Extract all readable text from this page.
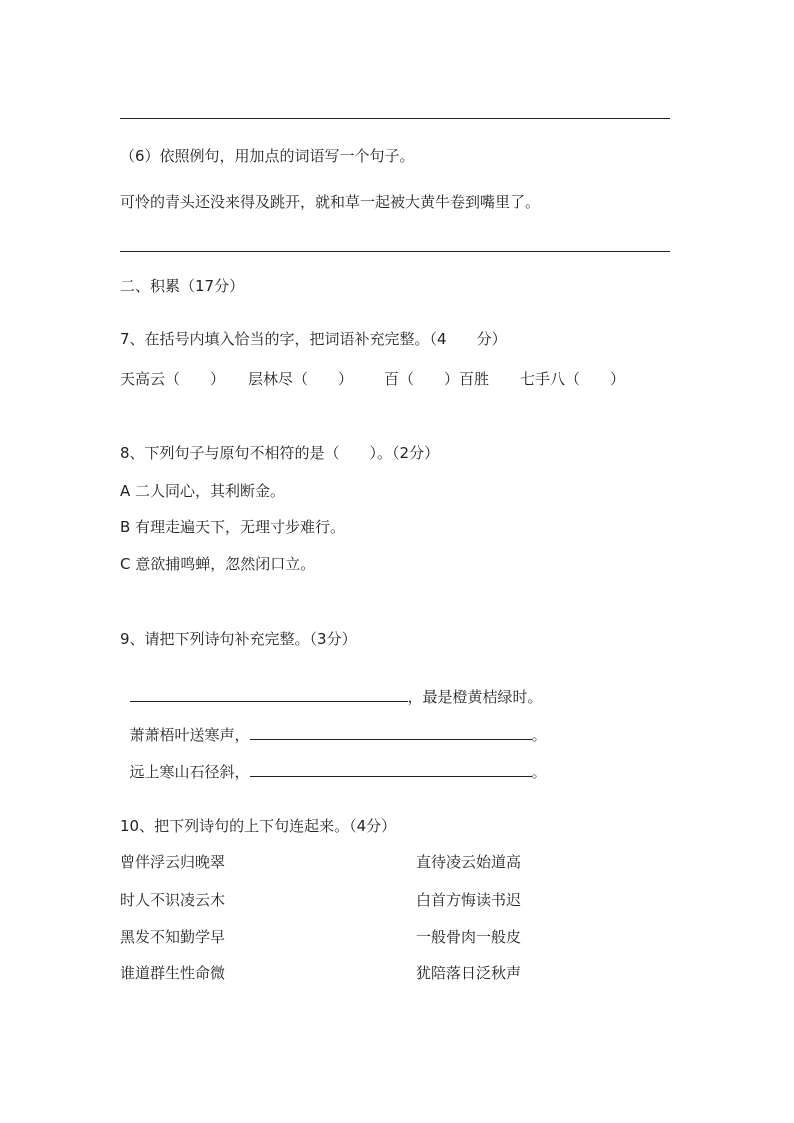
（6）依照例句，用加点的词语写一个句子。
可怜的青头还没来得及跳开，就和草一起被大黄牛卷到嘴里了。
二、积累（17分）
7、在括号内填入恰当的字，把词语补充完整。（4　　分）
天高云（　　） 层林尽（　　） 百（　　）百胜 七手八（　　）
8、下列句子与原句不相符的是（　　）。（2分）
A 二人同心，其利断金。
B 有理走遍天下，无理寸步难行。
C 意欲捕鸣蝉，忽然闭口立。
9、请把下列诗句补充完整。（3分）

，最是橙黄桔绿时。

萧萧梧叶送寒声，	。

远上寒山石径斜，	。

10、把下列诗句的上下句连起来。（4分）
曾伴浮云归晚翠	直待凌云始道高
时人不识凌云木	白首方悔读书迟
黑发不知勤学早	一般骨肉一般皮
谁道群生性命微	犹陪落日泛秋声
